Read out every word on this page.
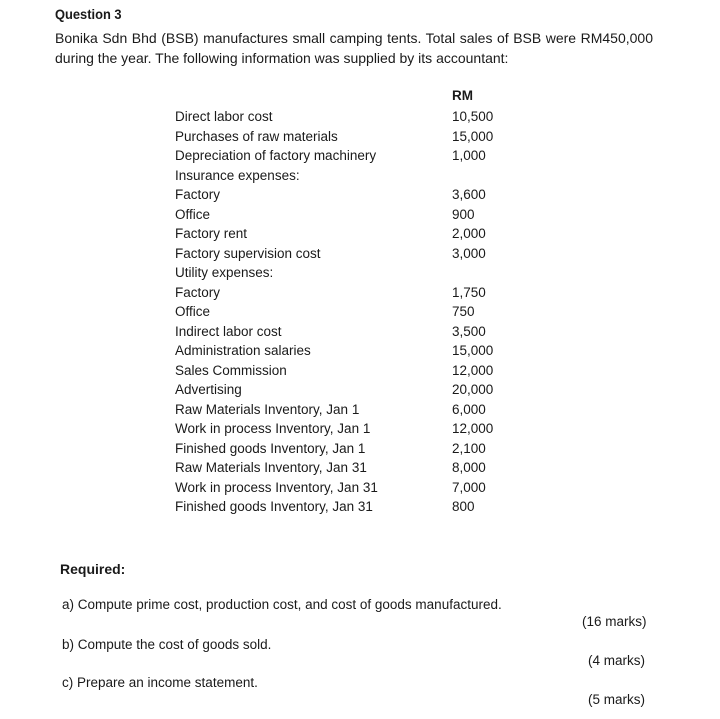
Question 3
Bonika Sdn Bhd (BSB) manufactures small camping tents. Total sales of BSB were RM450,000 during the year. The following information was supplied by its accountant:
RM
Direct labor cost	10,500
Purchases of raw materials	15,000
Depreciation of factory machinery	1,000
Insurance expenses:
Factory	3,600
Office	900
Factory rent	2,000
Factory supervision cost	3,000
Utility expenses:
Factory	1,750
Office	750
Indirect labor cost	3,500
Administration salaries	15,000
Sales Commission	12,000
Advertising	20,000
Raw Materials Inventory, Jan 1	6,000
Work in process Inventory, Jan 1	12,000
Finished goods Inventory, Jan 1	2,100
Raw Materials Inventory, Jan 31	8,000
Work in process Inventory, Jan 31	7,000
Finished goods Inventory, Jan 31	800
Required:
a) Compute prime cost, production cost, and cost of goods manufactured.
(16 marks)
b) Compute the cost of goods sold.
(4 marks)
c) Prepare an income statement.
(5 marks)
